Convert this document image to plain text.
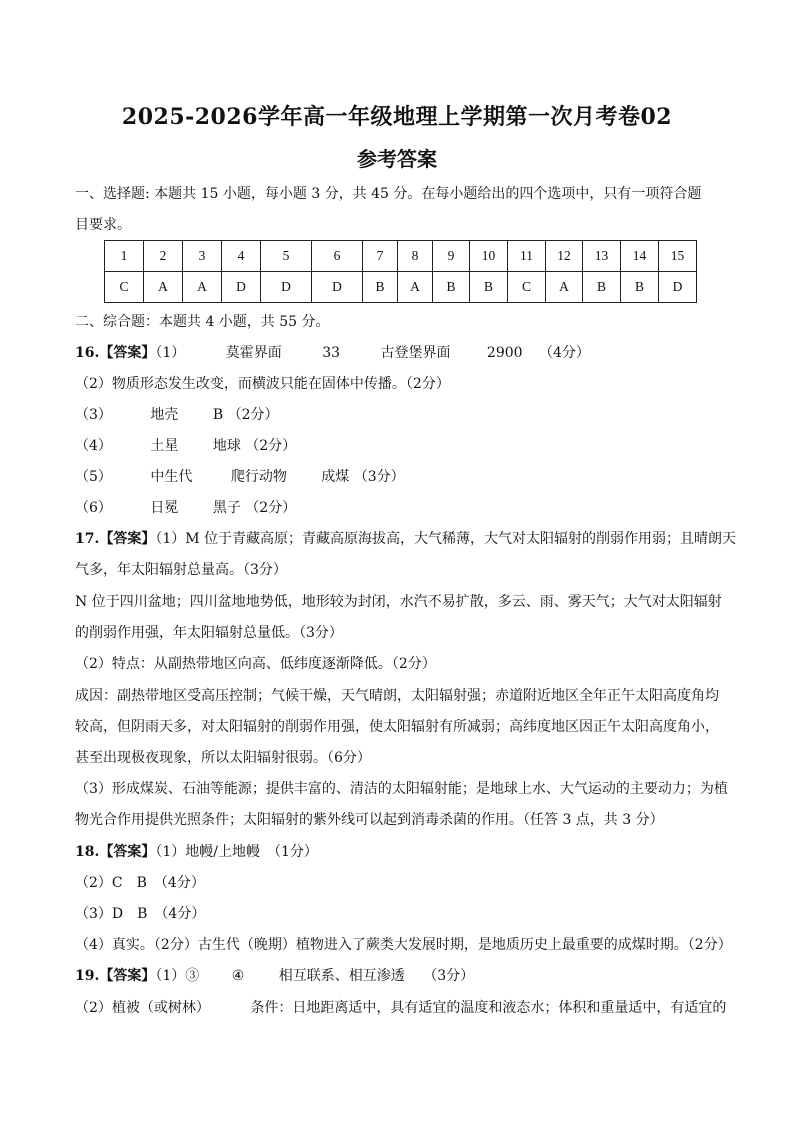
2025-2026学年高一年级地理上学期第一次月考卷02
参考答案
一、选择题: 本题共 15 小题，每小题 3 分，共 45 分。在每小题给出的四个选项中，只有一项符合题
目要求。
1	2	3	4	5	6	7	8	9	10	11	12	13	14	15
C	A	A	D	D	D	B	A	B	B	C	A	B	B	D
二、综合题：本题共 4 小题，共 55 分。
16.【答案】（1）	莫霍界面	33	古登堡界面	2900 （4分）
（2）物质形态发生改变，而横波只能在固体中传播。（2分）
（3）	地壳 B （2分）
（4）	土星 地球 （2分）
（5）	中生代	爬行动物 成煤 （3分）
（6）	日冕 黑子 （2分）
17.【答案】（1）M 位于青藏高原；青藏高原海拔高，大气稀薄，大气对太阳辐射的削弱作用弱；且晴朗天
气多，年太阳辐射总量高。（3分）
N 位于四川盆地；四川盆地地势低，地形较为封闭，水汽不易扩散，多云、雨、雾天气；大气对太阳辐射
的削弱作用强，年太阳辐射总量低。（3分）
（2）特点：从副热带地区向高、低纬度逐渐降低。（2分）
成因：副热带地区受高压控制；气候干燥，天气晴朗，太阳辐射强；赤道附近地区全年正午太阳高度角均
较高，但阴雨天多，对太阳辐射的削弱作用强，使太阳辐射有所减弱；高纬度地区因正午太阳高度角小，
甚至出现极夜现象，所以太阳辐射很弱。（6分）
（3）形成煤炭、石油等能源；提供丰富的、清洁的太阳辐射能；是地球上水、大气运动的主要动力；为植
物光合作用提供光照条件；太阳辐射的紫外线可以起到消毒杀菌的作用。（任答 3 点，共 3 分）
18.【答案】（1）地幔/上地幔　（1分）
（2）C　B　（4分）
（3）D　B　（4分）
（4）真实。（2分）古生代（晚期）植物进入了蕨类大发展时期，是地质历史上最重要的成煤时期。（2分）
19.【答案】（1）③ ④ 相互联系、相互渗透 （3分）
（2）植被（或树林）	条件：日地距离适中，具有适宜的温度和液态水；体积和重量适中，有适宜的
